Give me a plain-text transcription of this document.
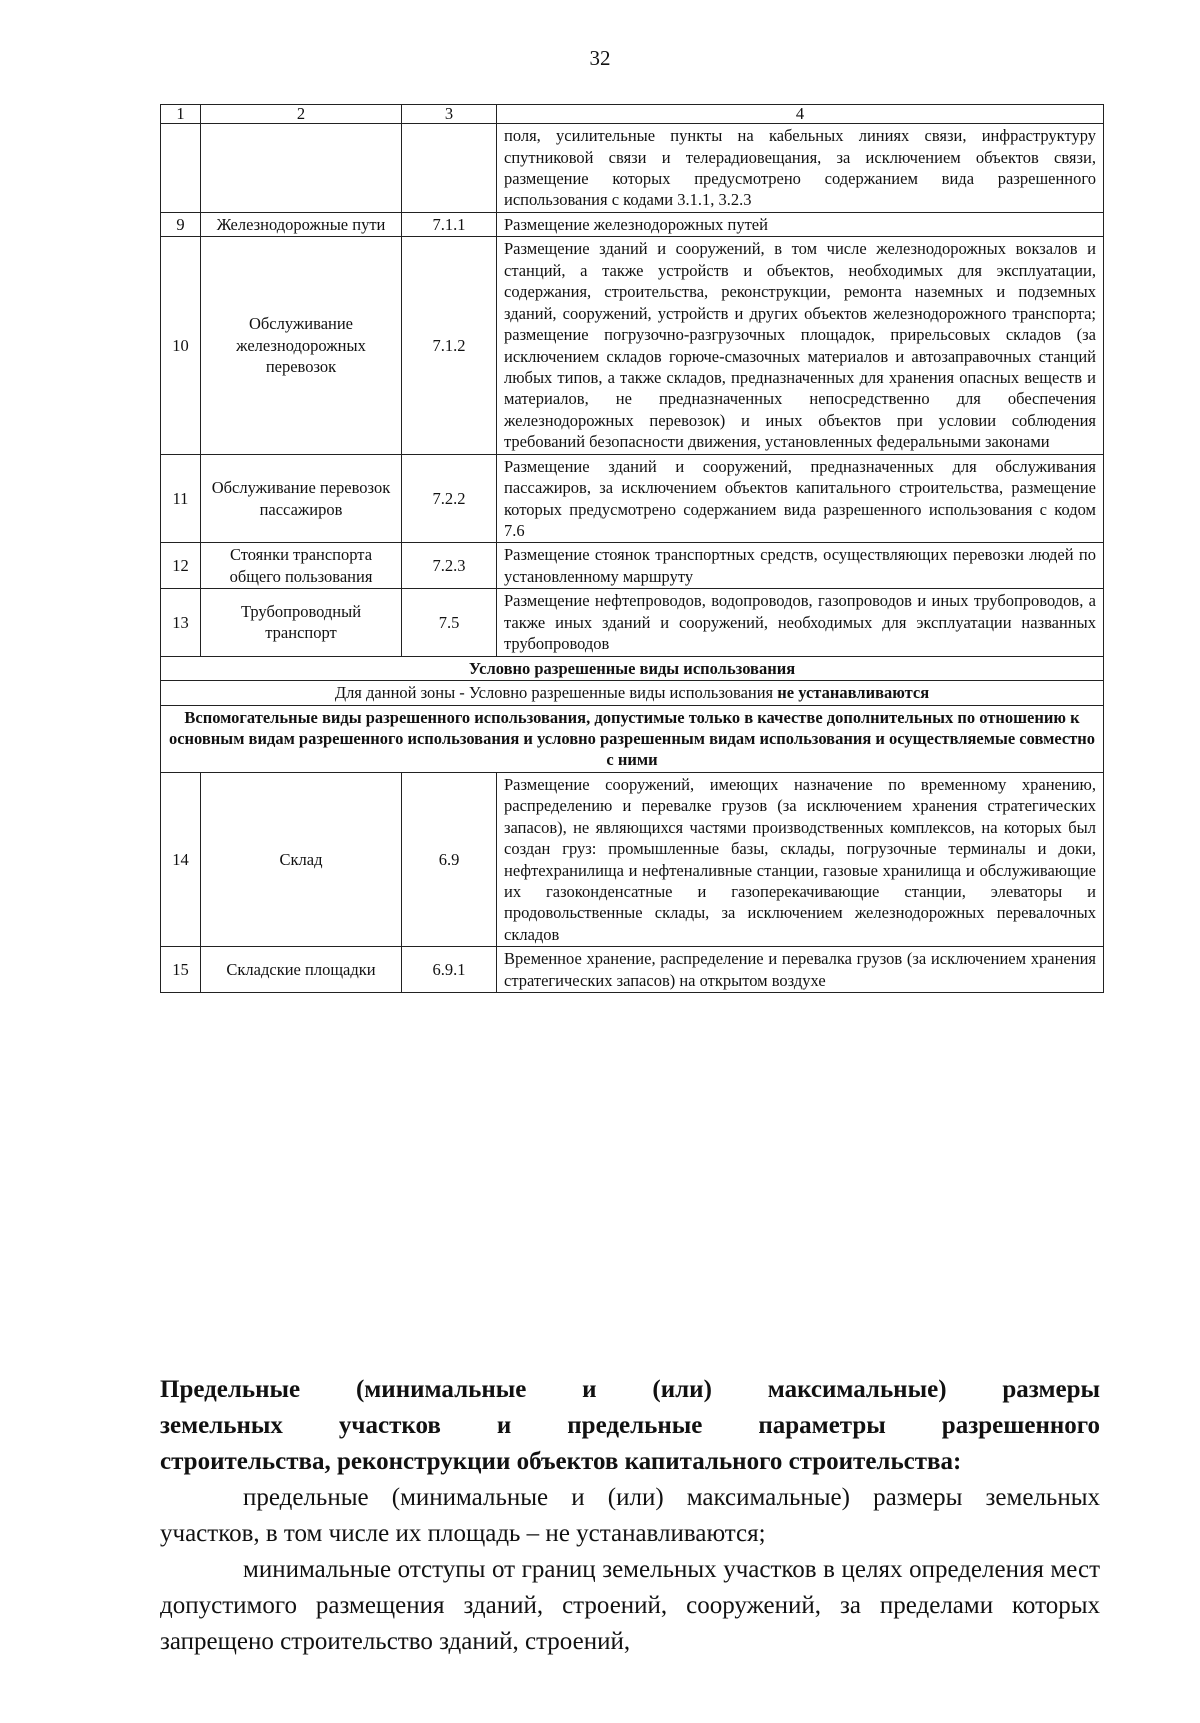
32
1	2	3	4
			поля, усилительные пункты на кабельных линиях связи, инфраструктуру спутниковой связи и телерадиовещания, за исключением объектов связи, размещение которых предусмотрено содержанием вида разрешенного использования с кодами 3.1.1, 3.2.3
9	Железнодорожные пути	7.1.1	Размещение железнодорожных путей
10	Обслуживание железнодорожных перевозок	7.1.2	Размещение зданий и сооружений, в том числе железнодорожных вокзалов и станций, а также устройств и объектов, необходимых для эксплуатации, содержания, строительства, реконструкции, ремонта наземных и подземных зданий, сооружений, устройств и других объектов железнодорожного транспорта; размещение погрузочно-разгрузочных площадок, прирельсовых складов (за исключением складов горюче-смазочных материалов и автозаправочных станций любых типов, а также складов, предназначенных для хранения опасных веществ и материалов, не предназначенных непосредственно для обеспечения железнодорожных перевозок) и иных объектов при условии соблюдения требований безопасности движения, установленных федеральными законами
11	Обслуживание перевозок пассажиров	7.2.2	Размещение зданий и сооружений, предназначенных для обслуживания пассажиров, за исключением объектов капитального строительства, размещение которых предусмотрено содержанием вида разрешенного использования с кодом 7.6
12	Стоянки транспорта общего пользования	7.2.3	Размещение стоянок транспортных средств, осуществляющих перевозки людей по установленному маршруту
13	Трубопроводный транспорт	7.5	Размещение нефтепроводов, водопроводов, газопроводов и иных трубопроводов, а также иных зданий и сооружений, необходимых для эксплуатации названных трубопроводов
Условно разрешенные виды использования			
Для данной зоны - Условно разрешенные виды использования не устанавливаются			
Вспомогательные виды разрешенного использования, допустимые только в качестве дополнительных по отношению к основным видам разрешенного использования и условно разрешенным видам использования и осуществляемые совместно с ними			
14	Склад	6.9	Размещение сооружений, имеющих назначение по временному хранению, распределению и перевалке грузов (за исключением хранения стратегических запасов), не являющихся частями производственных комплексов, на которых был создан груз: промышленные базы, склады, погрузочные терминалы и доки, нефтехранилища и нефтеналивные станции, газовые хранилища и обслуживающие их газоконденсатные и газоперекачивающие станции, элеваторы и продовольственные склады, за исключением железнодорожных перевалочных складов
15	Складские площадки	6.9.1	Временное хранение, распределение и перевалка грузов (за исключением хранения стратегических запасов) на открытом воздухе

Предельные (минимальные и (или) максимальные) размеры

земельных участков и предельные параметры разрешенного

строительства, реконструкции объектов капитального строительства:

предельные (минимальные и (или) максимальные) размеры земельных участков, в том числе их площадь – не устанавливаются;

минимальные отступы от границ земельных участков в целях определения мест допустимого размещения зданий, строений, сооружений, за пределами которых запрещено строительство зданий, строений,
